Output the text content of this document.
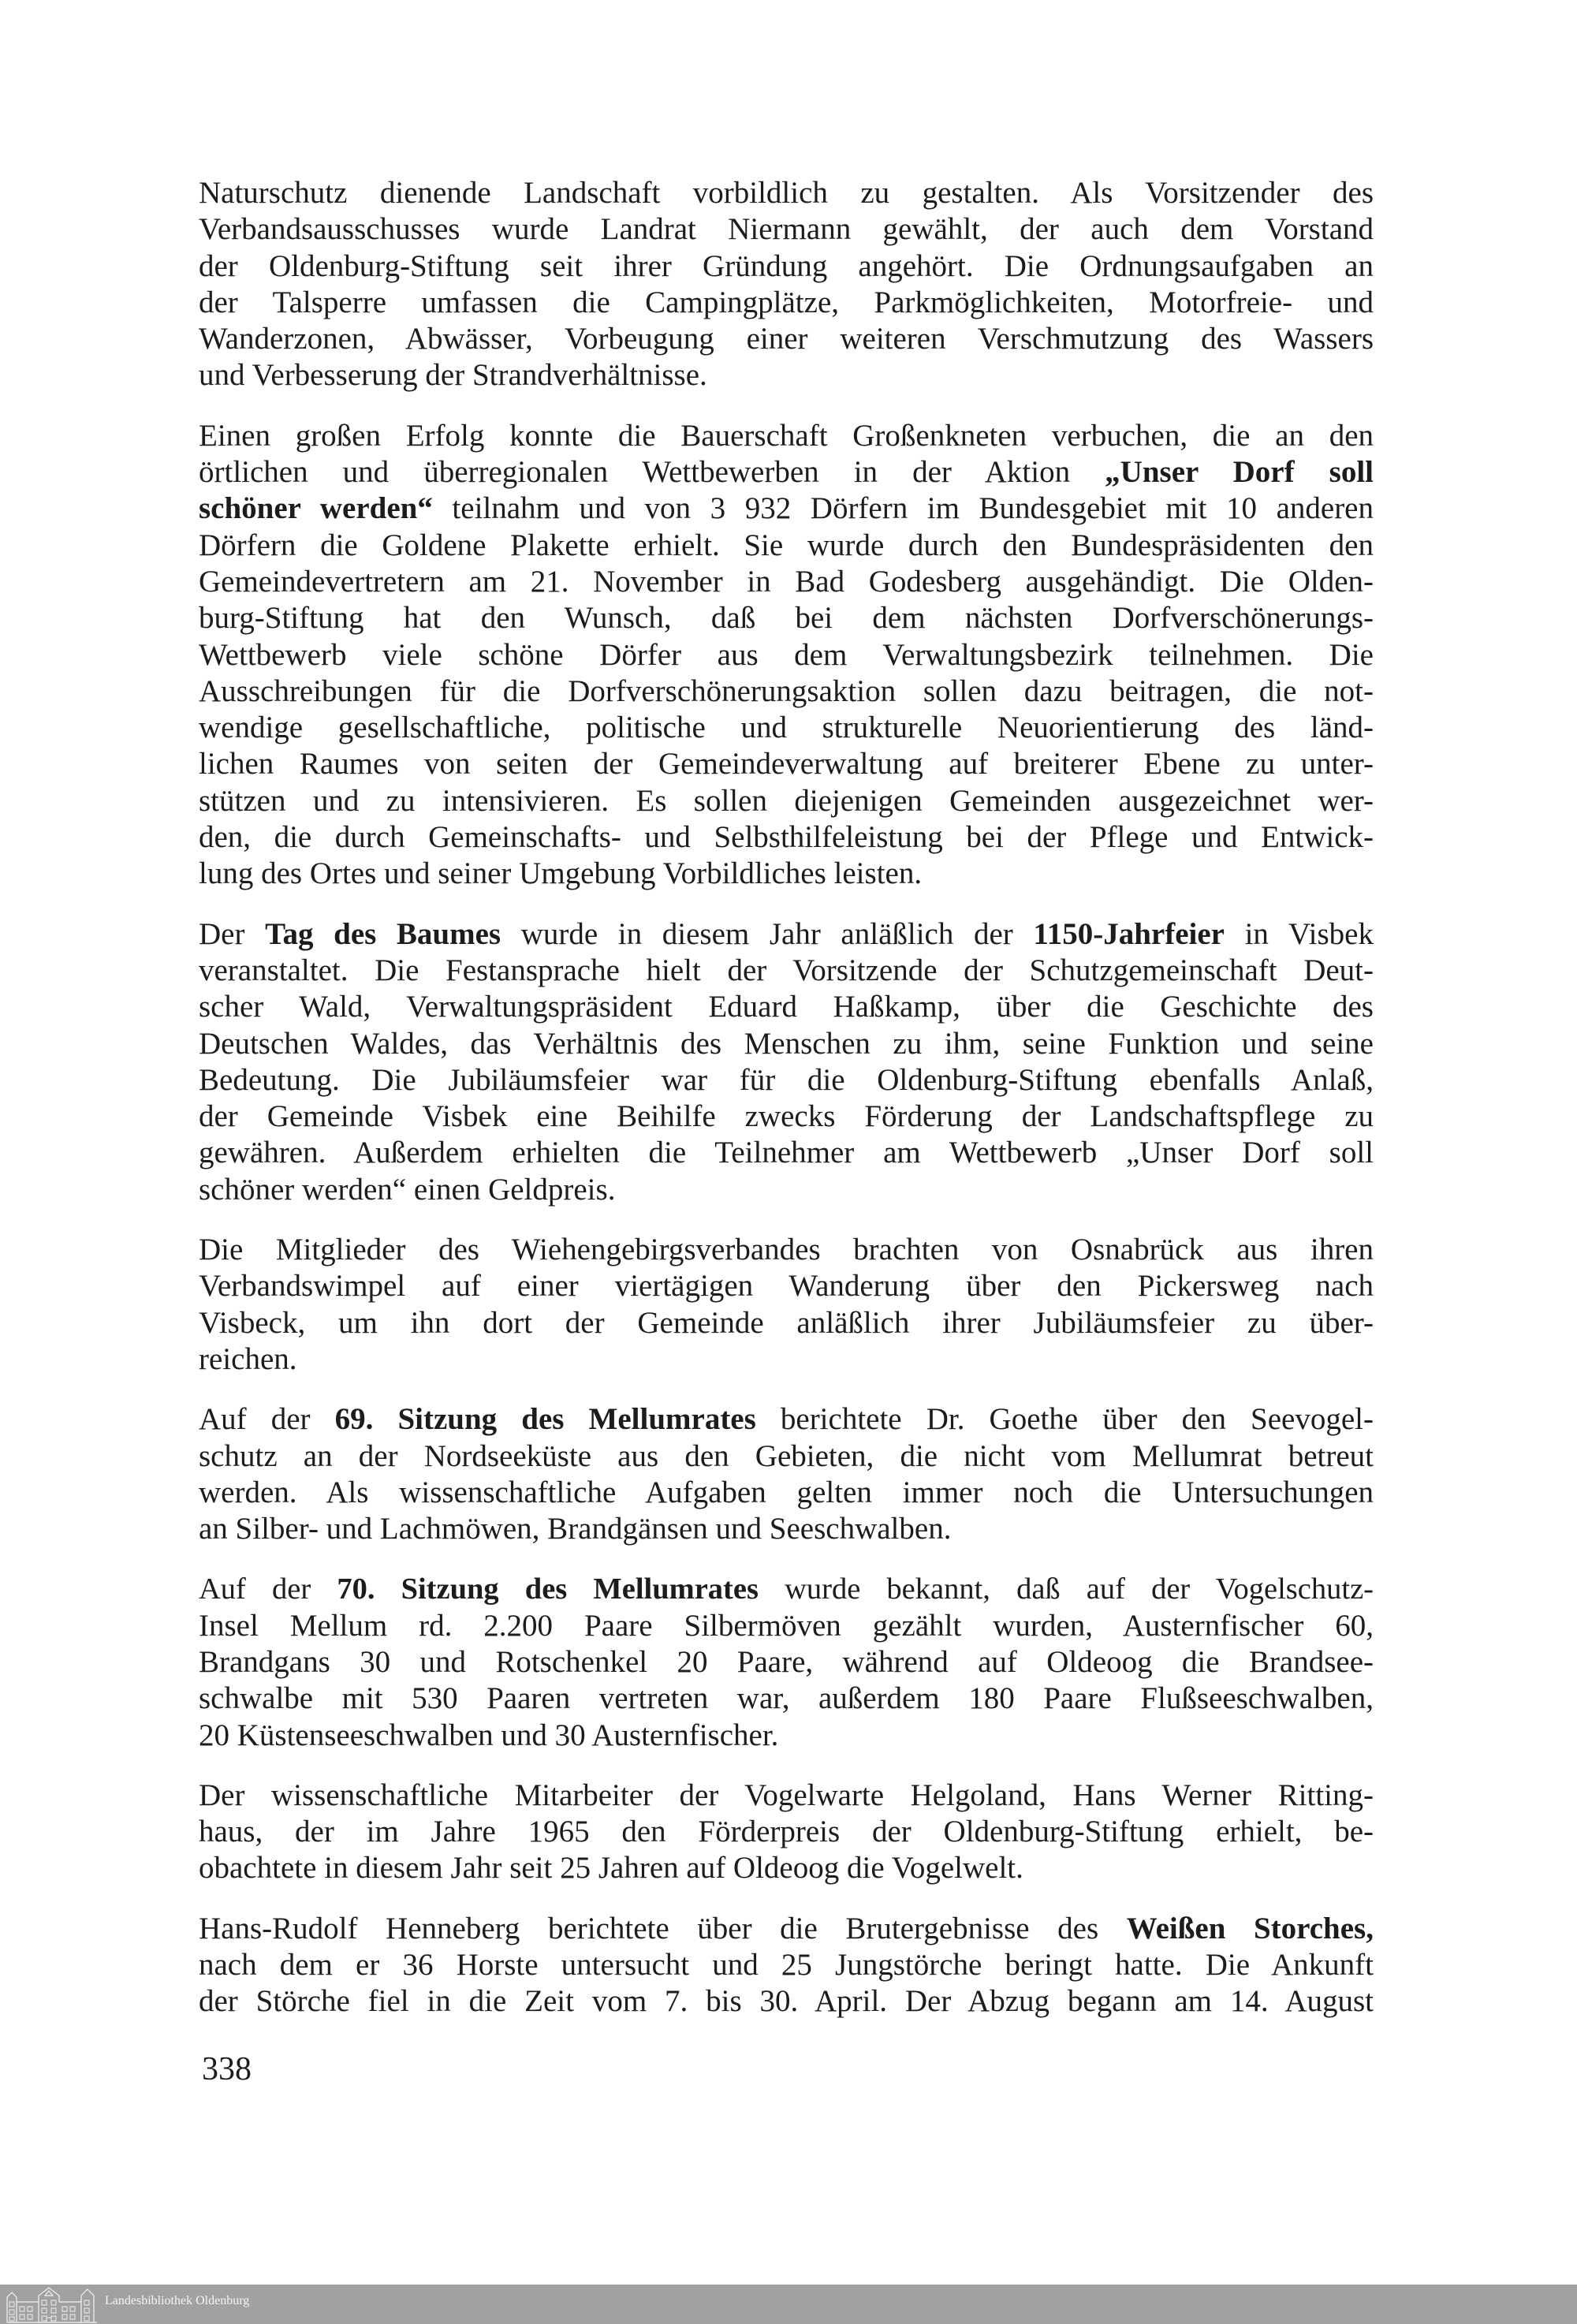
Naturschutz dienende Landschaft vorbildlich zu gestalten. Als Vorsitzender des
Verbandsausschusses wurde Landrat Niermann gewählt, der auch dem Vorstand
der Oldenburg-Stiftung seit ihrer Gründung angehört. Die Ordnungsaufgaben an
der Talsperre umfassen die Campingplätze, Parkmöglichkeiten, Motorfreie- und
Wanderzonen, Abwässer, Vorbeugung einer weiteren Verschmutzung des Wassers
und Verbesserung der Strandverhältnisse.
Einen großen Erfolg konnte die Bauerschaft Großenkneten verbuchen, die an den
örtlichen und überregionalen Wettbewerben in der Aktion „Unser Dorf soll
schöner werden“ teilnahm und von 3 932 Dörfern im Bundesgebiet mit 10 anderen
Dörfern die Goldene Plakette erhielt. Sie wurde durch den Bundespräsidenten den
Gemeindevertretern am 21. November in Bad Godesberg ausgehändigt. Die Olden-
burg-Stiftung hat den Wunsch, daß bei dem nächsten Dorfverschönerungs-
Wettbewerb viele schöne Dörfer aus dem Verwaltungsbezirk teilnehmen. Die
Ausschreibungen für die Dorfverschönerungsaktion sollen dazu beitragen, die not-
wendige gesellschaftliche, politische und strukturelle Neuorientierung des länd-
lichen Raumes von seiten der Gemeindeverwaltung auf breiterer Ebene zu unter-
stützen und zu intensivieren. Es sollen diejenigen Gemeinden ausgezeichnet wer-
den, die durch Gemeinschafts- und Selbsthilfeleistung bei der Pflege und Entwick-
lung des Ortes und seiner Umgebung Vorbildliches leisten.
Der Tag des Baumes wurde in diesem Jahr anläßlich der 1150-Jahrfeier in Visbek
veranstaltet. Die Festansprache hielt der Vorsitzende der Schutzgemeinschaft Deut-
scher Wald, Verwaltungspräsident Eduard Haßkamp, über die Geschichte des
Deutschen Waldes, das Verhältnis des Menschen zu ihm, seine Funktion und seine
Bedeutung. Die Jubiläumsfeier war für die Oldenburg-Stiftung ebenfalls Anlaß,
der Gemeinde Visbek eine Beihilfe zwecks Förderung der Landschaftspflege zu
gewähren. Außerdem erhielten die Teilnehmer am Wettbewerb „Unser Dorf soll
schöner werden“ einen Geldpreis.
Die Mitglieder des Wiehengebirgsverbandes brachten von Osnabrück aus ihren
Verbandswimpel auf einer viertägigen Wanderung über den Pickersweg nach
Visbeck, um ihn dort der Gemeinde anläßlich ihrer Jubiläumsfeier zu über-
reichen.
Auf der 69. Sitzung des Mellumrates berichtete Dr. Goethe über den Seevogel-
schutz an der Nordseeküste aus den Gebieten, die nicht vom Mellumrat betreut
werden. Als wissenschaftliche Aufgaben gelten immer noch die Untersuchungen
an Silber- und Lachmöwen, Brandgänsen und Seeschwalben.
Auf der 70. Sitzung des Mellumrates wurde bekannt, daß auf der Vogelschutz-
Insel Mellum rd. 2.200 Paare Silbermöven gezählt wurden, Austernfischer 60,
Brandgans 30 und Rotschenkel 20 Paare, während auf Oldeoog die Brandsee-
schwalbe mit 530 Paaren vertreten war, außerdem 180 Paare Flußseeschwalben,
20 Küstenseeschwalben und 30 Austernfischer.
Der wissenschaftliche Mitarbeiter der Vogelwarte Helgoland, Hans Werner Ritting-
haus, der im Jahre 1965 den Förderpreis der Oldenburg-Stiftung erhielt, be-
obachtete in diesem Jahr seit 25 Jahren auf Oldeoog die Vogelwelt.
Hans-Rudolf Henneberg berichtete über die Brutergebnisse des Weißen Storches,
nach dem er 36 Horste untersucht und 25 Jungstörche beringt hatte. Die Ankunft
der Störche fiel in die Zeit vom 7. bis 30. April. Der Abzug begann am 14. August
338
Landesbibliothek Oldenburg
